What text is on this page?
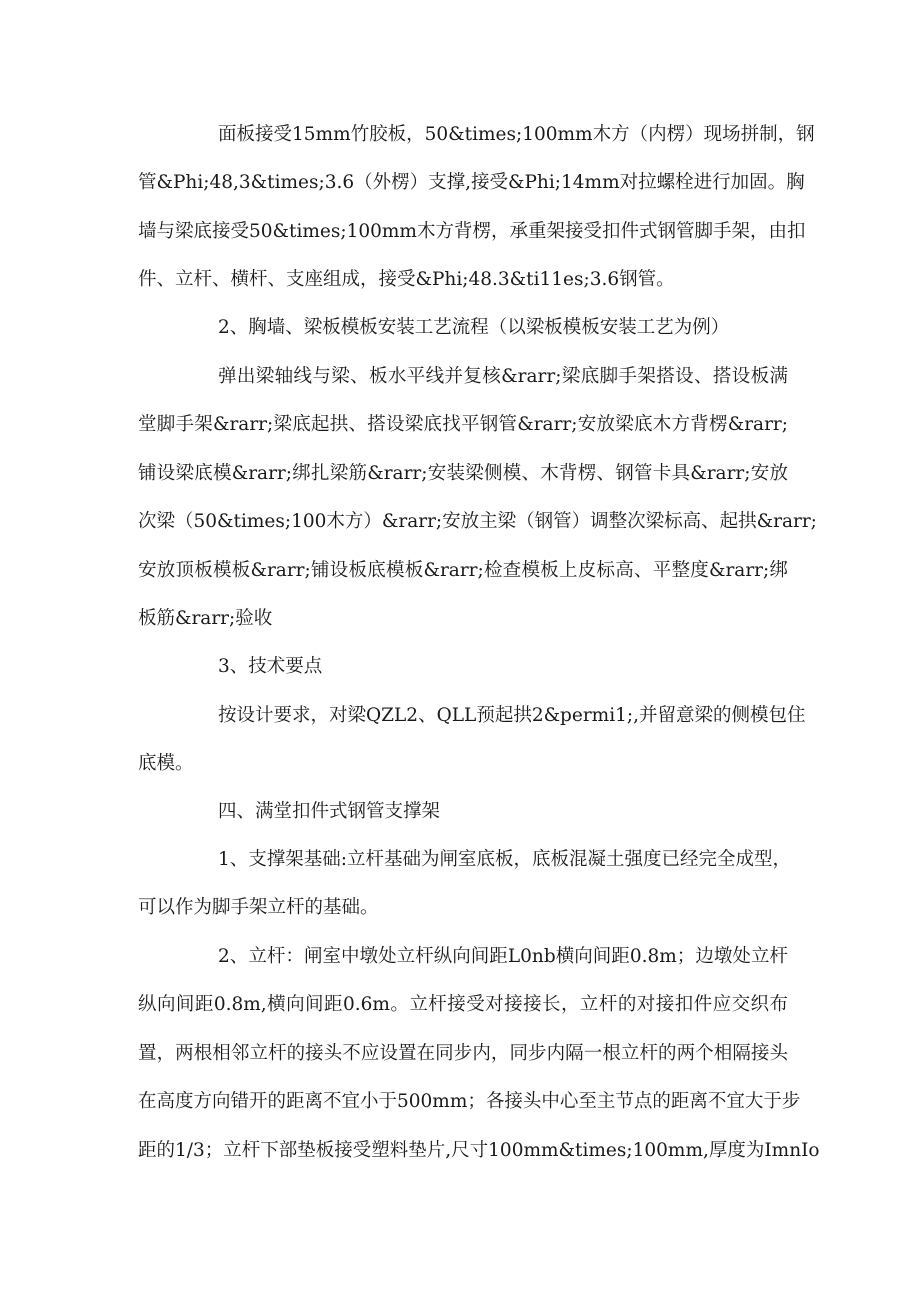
面板接受15mm竹胶板，50&times;100mm木方（内楞）现场拼制，钢
管&Phi;48,3&times;3.6（外楞）支撑,接受&Phi;14mm对拉螺栓进行加固。胸
墙与梁底接受50&times;100mm木方背楞，承重架接受扣件式钢管脚手架，由扣
件、立杆、横杆、支座组成，接受&Phi;48.3&ti11es;3.6钢管。
2、胸墙、梁板模板安装工艺流程（以梁板模板安装工艺为例）
弹出梁轴线与梁、板水平线并复核&rarr;梁底脚手架搭设、搭设板满
堂脚手架&rarr;梁底起拱、搭设梁底找平钢管&rarr;安放梁底木方背楞&rarr;
铺设梁底模&rarr;绑扎梁筋&rarr;安装梁侧模、木背楞、钢管卡具&rarr;安放
次梁（50&times;100木方）&rarr;安放主梁（钢管）调整次梁标高、起拱&rarr;
安放顶板模板&rarr;铺设板底模板&rarr;检查模板上皮标高、平整度&rarr;绑
板筋&rarr;验收
3、技术要点
按设计要求，对梁QZL2、QLL预起拱2&permi1;,并留意梁的侧模包住
底模。
四、满堂扣件式钢管支撑架
1、支撑架基础:立杆基础为闸室底板，底板混凝土强度已经完全成型，
可以作为脚手架立杆的基础。
2、立杆：闸室中墩处立杆纵向间距L0nb横向间距0.8m；边墩处立杆
纵向间距0.8m,横向间距0.6m。立杆接受对接接长，立杆的对接扣件应交织布
置，两根相邻立杆的接头不应设置在同步内，同步内隔一根立杆的两个相隔接头
在高度方向错开的距离不宜小于500mm；各接头中心至主节点的距离不宜大于步
距的1/3；立杆下部垫板接受塑料垫片,尺寸100mm&times;100mm,厚度为ImnIo
